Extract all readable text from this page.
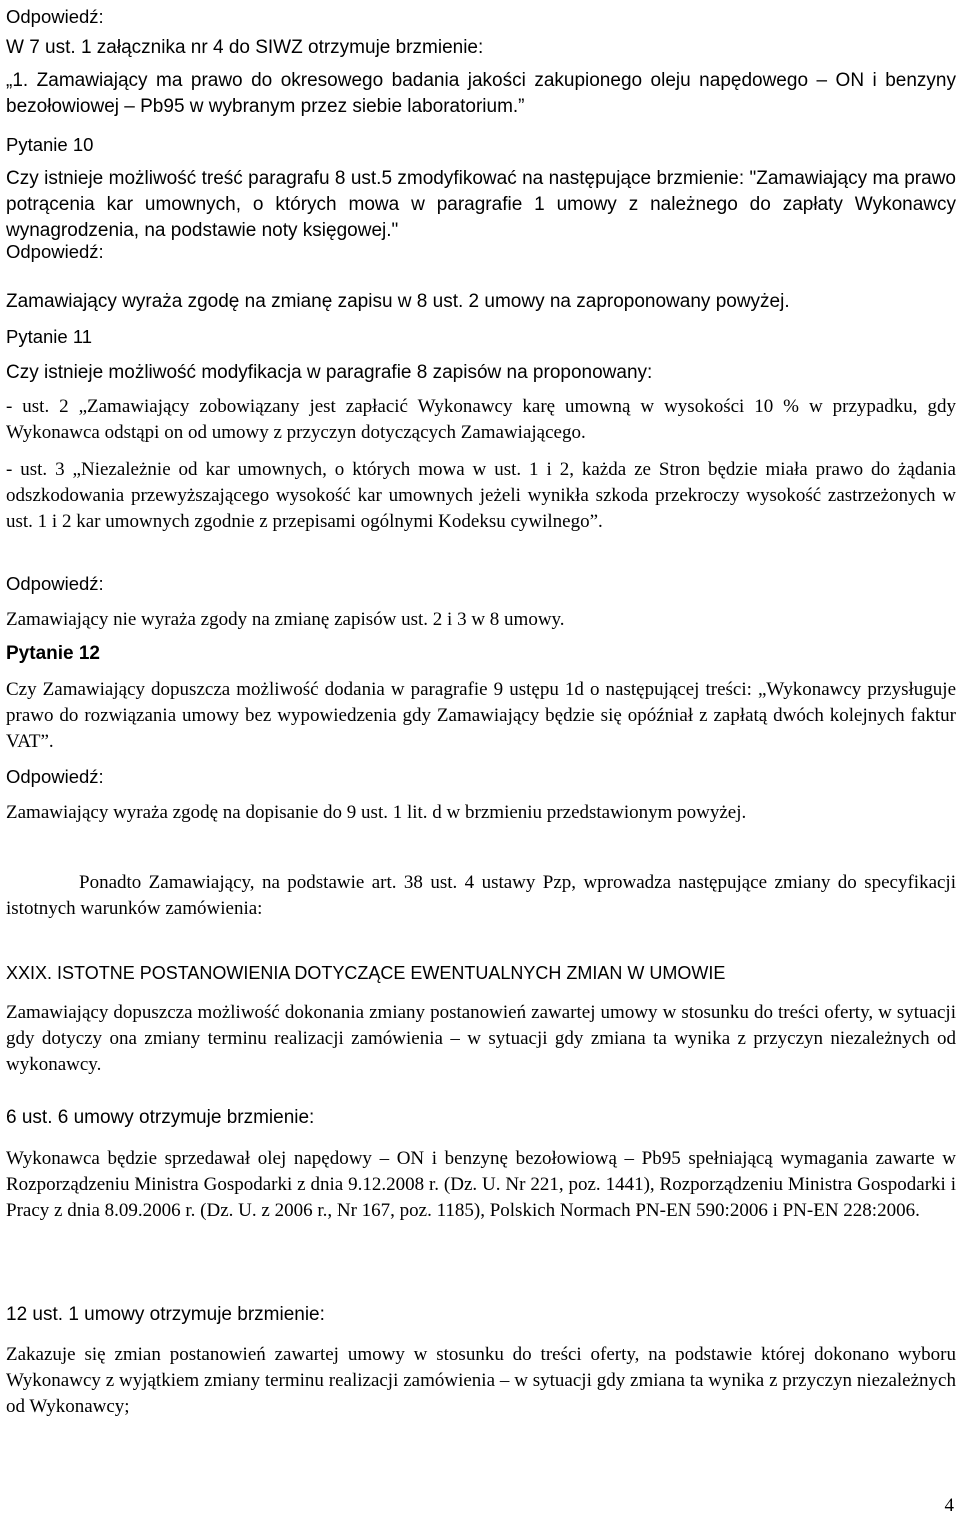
Odpowiedź:

W 7 ust. 1 załącznika nr 4 do SIWZ otrzymuje brzmienie:

„1. Zamawiający ma prawo do okresowego badania jakości zakupionego oleju napędowego – ON i benzyny bezołowiowej – Pb95 w wybranym przez siebie laboratorium.”

Pytanie 10

Czy istnieje możliwość treść paragrafu 8 ust.5 zmodyfikować na następujące brzmienie: "Zamawiający ma prawo potrącenia kar umownych, o których mowa w paragrafie 1 umowy z należnego do zapłaty Wykonawcy wynagrodzenia, na podstawie noty księgowej."

Odpowiedź:

Zamawiający wyraża zgodę na zmianę zapisu w 8 ust. 2 umowy na zaproponowany powyżej.

Pytanie 11

Czy istnieje możliwość modyfikacja w paragrafie 8 zapisów na proponowany:

- ust. 2 „Zamawiający zobowiązany jest zapłacić Wykonawcy karę umowną w wysokości 10 % w przypadku, gdy Wykonawca odstąpi on od umowy z przyczyn dotyczących Zamawiającego.

- ust. 3 „Niezależnie od kar umownych, o których mowa w ust. 1 i 2, każda ze Stron będzie miała prawo do żądania odszkodowania przewyższającego wysokość kar umownych jeżeli wynikła szkoda przekroczy wysokość zastrzeżonych w ust. 1 i 2 kar umownych zgodnie z przepisami ogólnymi Kodeksu cywilnego”.

Odpowiedź:

Zamawiający nie wyraża zgody na zmianę zapisów ust. 2 i 3 w 8 umowy.

Pytanie 12

Czy Zamawiający dopuszcza możliwość dodania w paragrafie 9 ustępu 1d o następującej treści: „Wykonawcy przysługuje prawo do rozwiązania umowy bez wypowiedzenia gdy Zamawiający będzie się opóźniał z zapłatą dwóch kolejnych faktur VAT”.

Odpowiedź:

Zamawiający wyraża zgodę na dopisanie do 9 ust. 1 lit. d w brzmieniu przedstawionym powyżej.

Ponadto Zamawiający, na podstawie art. 38 ust. 4 ustawy Pzp, wprowadza następujące zmiany do specyfikacji istotnych warunków zamówienia:

XXIX. ISTOTNE POSTANOWIENIA DOTYCZĄCE EWENTUALNYCH ZMIAN W UMOWIE

Zamawiający dopuszcza możliwość dokonania zmiany postanowień zawartej umowy w stosunku do treści oferty, w sytuacji gdy dotyczy ona zmiany terminu realizacji zamówienia – w sytuacji gdy zmiana ta wynika z przyczyn niezależnych od wykonawcy.

6 ust. 6 umowy otrzymuje brzmienie:

Wykonawca będzie sprzedawał olej napędowy – ON i benzynę bezołowiową – Pb95 spełniającą wymagania zawarte w Rozporządzeniu Ministra Gospodarki z dnia 9.12.2008 r. (Dz. U. Nr 221, poz. 1441), Rozporządzeniu Ministra Gospodarki i Pracy z dnia 8.09.2006 r. (Dz. U. z 2006 r., Nr 167, poz. 1185), Polskich Normach PN-EN 590:2006 i PN-EN 228:2006.

12 ust. 1 umowy otrzymuje brzmienie:

Zakazuje się zmian postanowień zawartej umowy w stosunku do treści oferty, na podstawie której dokonano wyboru Wykonawcy z wyjątkiem zmiany terminu realizacji zamówienia – w sytuacji gdy zmiana ta wynika z przyczyn niezależnych od Wykonawcy;

4
